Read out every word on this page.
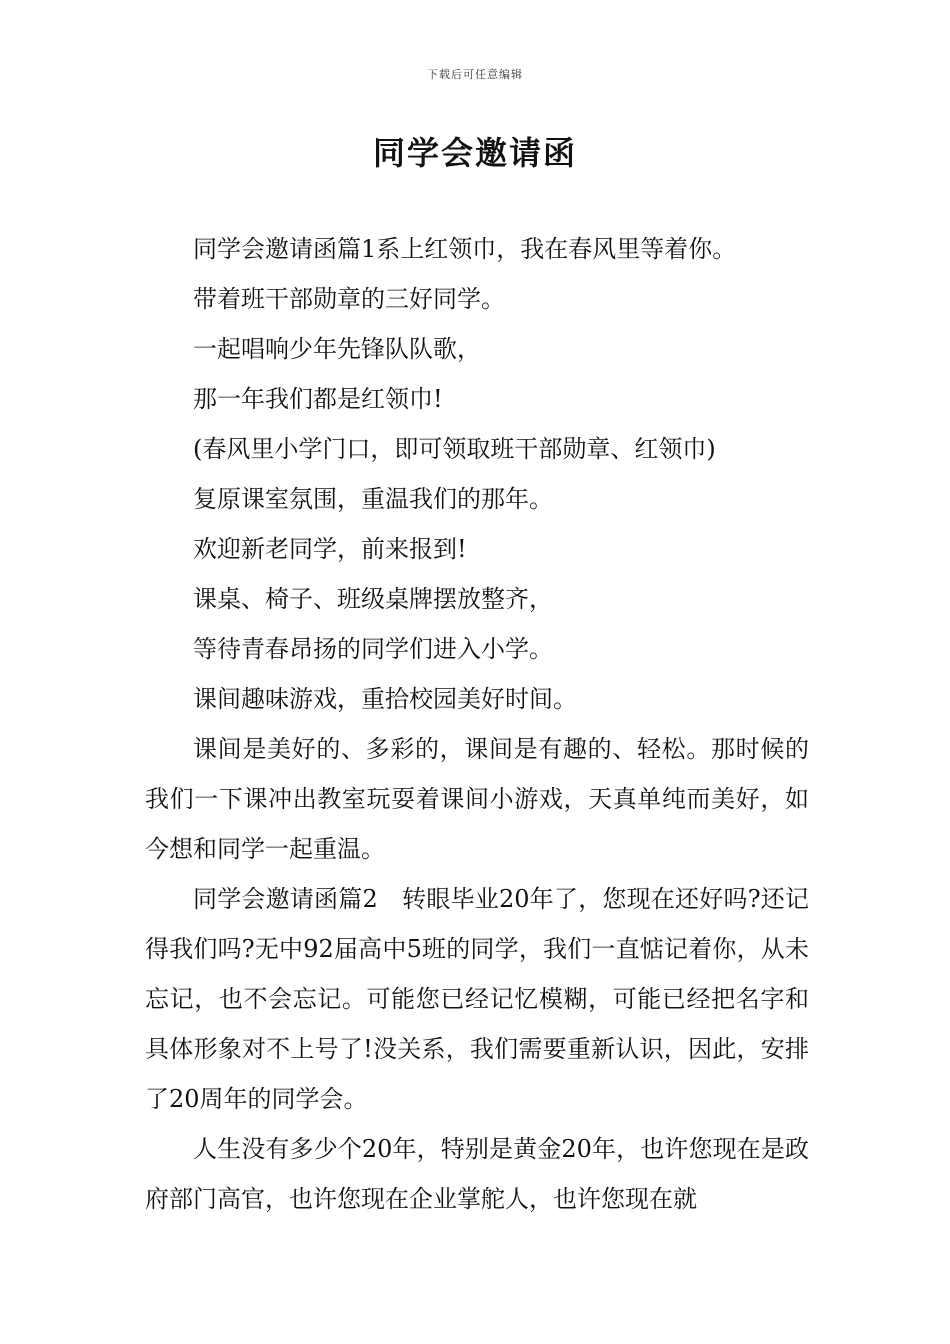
下载后可任意编辑
同学会邀请函

同学会邀请函篇1系上红领巾，我在春风里等着你。

带着班干部勋章的三好同学。

一起唱响少年先锋队队歌，

那一年我们都是红领巾!

(春风里小学门口，即可领取班干部勋章、红领巾)

复原课室氛围，重温我们的那年。

欢迎新老同学，前来报到!

课桌、椅子、班级桌牌摆放整齐，

等待青春昂扬的同学们进入小学。

课间趣味游戏，重拾校园美好时间。

课间是美好的、多彩的，课间是有趣的、轻松。那时候的我们一下课冲出教室玩耍着课间小游戏，天真单纯而美好，如今想和同学一起重温。

同学会邀请函篇2　转眼毕业20年了，您现在还好吗?还记得我们吗?无中92届高中5班的同学，我们一直惦记着你，从未忘记，也不会忘记。可能您已经记忆模糊，可能已经把名字和具体形象对不上号了!没关系，我们需要重新认识，因此，安排了20周年的同学会。

人生没有多少个20年，特别是黄金20年，也许您现在是政府部门高官，也许您现在企业掌舵人，也许您现在就
